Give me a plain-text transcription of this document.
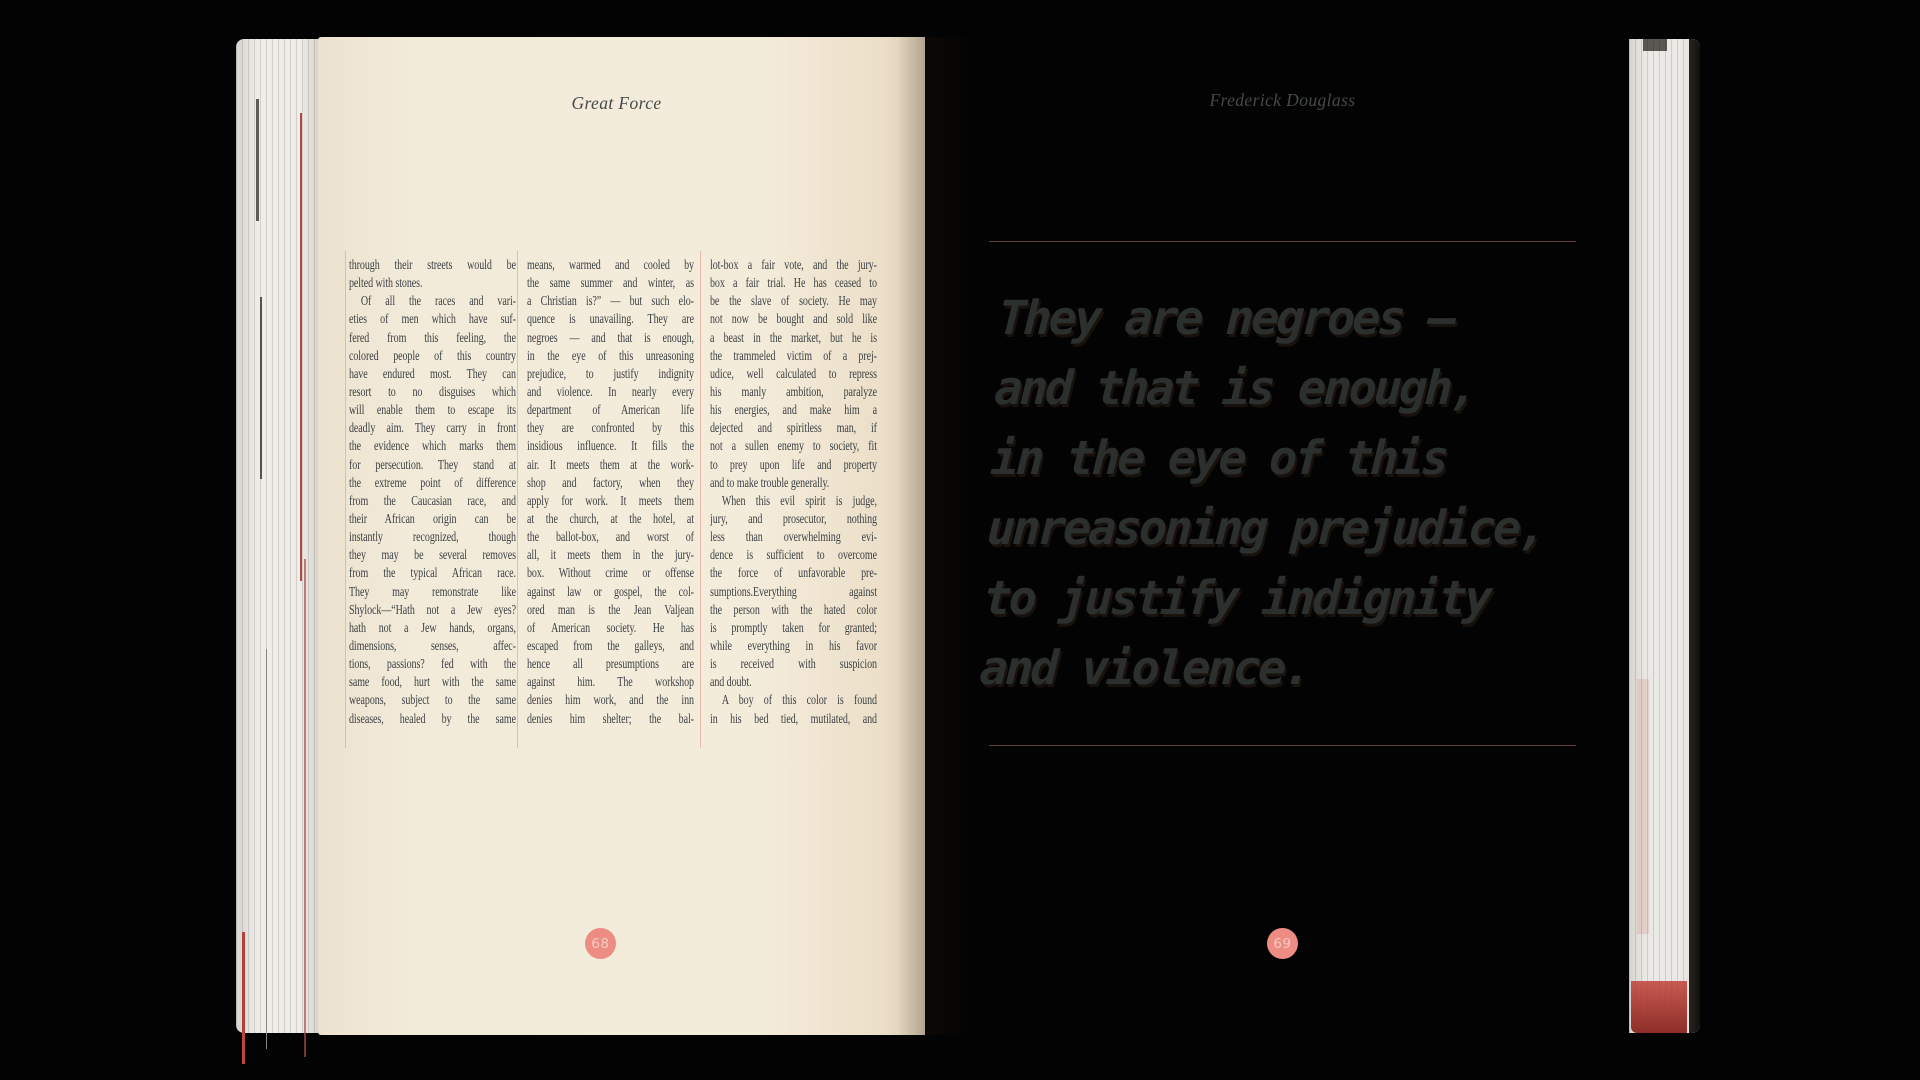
Great Force
through their streets would be
pelted with stones.
Of all the races and vari-
eties of men which have suf-
fered from this feeling, the
colored people of this country
have endured most. They can
resort to no disguises which
will enable them to escape its
deadly aim. They carry in front
the evidence which marks them
for persecution. They stand at
the extreme point of difference
from the Caucasian race, and
their African origin can be
instantly recognized, though
they may be several removes
from the typical African race.
They may remonstrate like
Shylock—“Hath not a Jew eyes?
hath not a Jew hands, organs,
dimensions, senses, affec-
tions, passions? fed with the
same food, hurt with the same
weapons, subject to the same
diseases, healed by the same
means, warmed and cooled by
the same summer and winter, as
a Christian is?” — but such elo-
quence is unavailing. They are
negroes — and that is enough,
in the eye of this unreasoning
prejudice, to justify indignity
and violence. In nearly every
department of American life
they are confronted by this
insidious influence. It fills the
air. It meets them at the work-
shop and factory, when they
apply for work. It meets them
at the church, at the hotel, at
the ballot-box, and worst of
all, it meets them in the jury-
box. Without crime or offense
against law or gospel, the col-
ored man is the Jean Valjean
of American society. He has
escaped from the galleys, and
hence all presumptions are
against him. The workshop
denies him work, and the inn
denies him shelter; the bal-
lot-box a fair vote, and the jury-
box a fair trial. He has ceased to
be the slave of society. He may
not now be bought and sold like
a beast in the market, but he is
the trammeled victim of a prej-
udice, well calculated to repress
his manly ambition, paralyze
his energies, and make him a
dejected and spiritless man, if
not a sullen enemy to society, fit
to prey upon life and property
and to make trouble generally.
When this evil spirit is judge,
jury, and prosecutor, nothing
less than overwhelming evi-
dence is sufficient to overcome
the force of unfavorable pre-
sumptions.Everything against
the person with the hated color
is promptly taken for granted;
while everything in his favor
is received with suspicion
and doubt.
A boy of this color is found
in his bed tied, mutilated, and
68
Frederick Douglass
They are negroes —
and that is enough,
in the eye of this
unreasoning prejudice,
to justify indignity
and violence.
69
